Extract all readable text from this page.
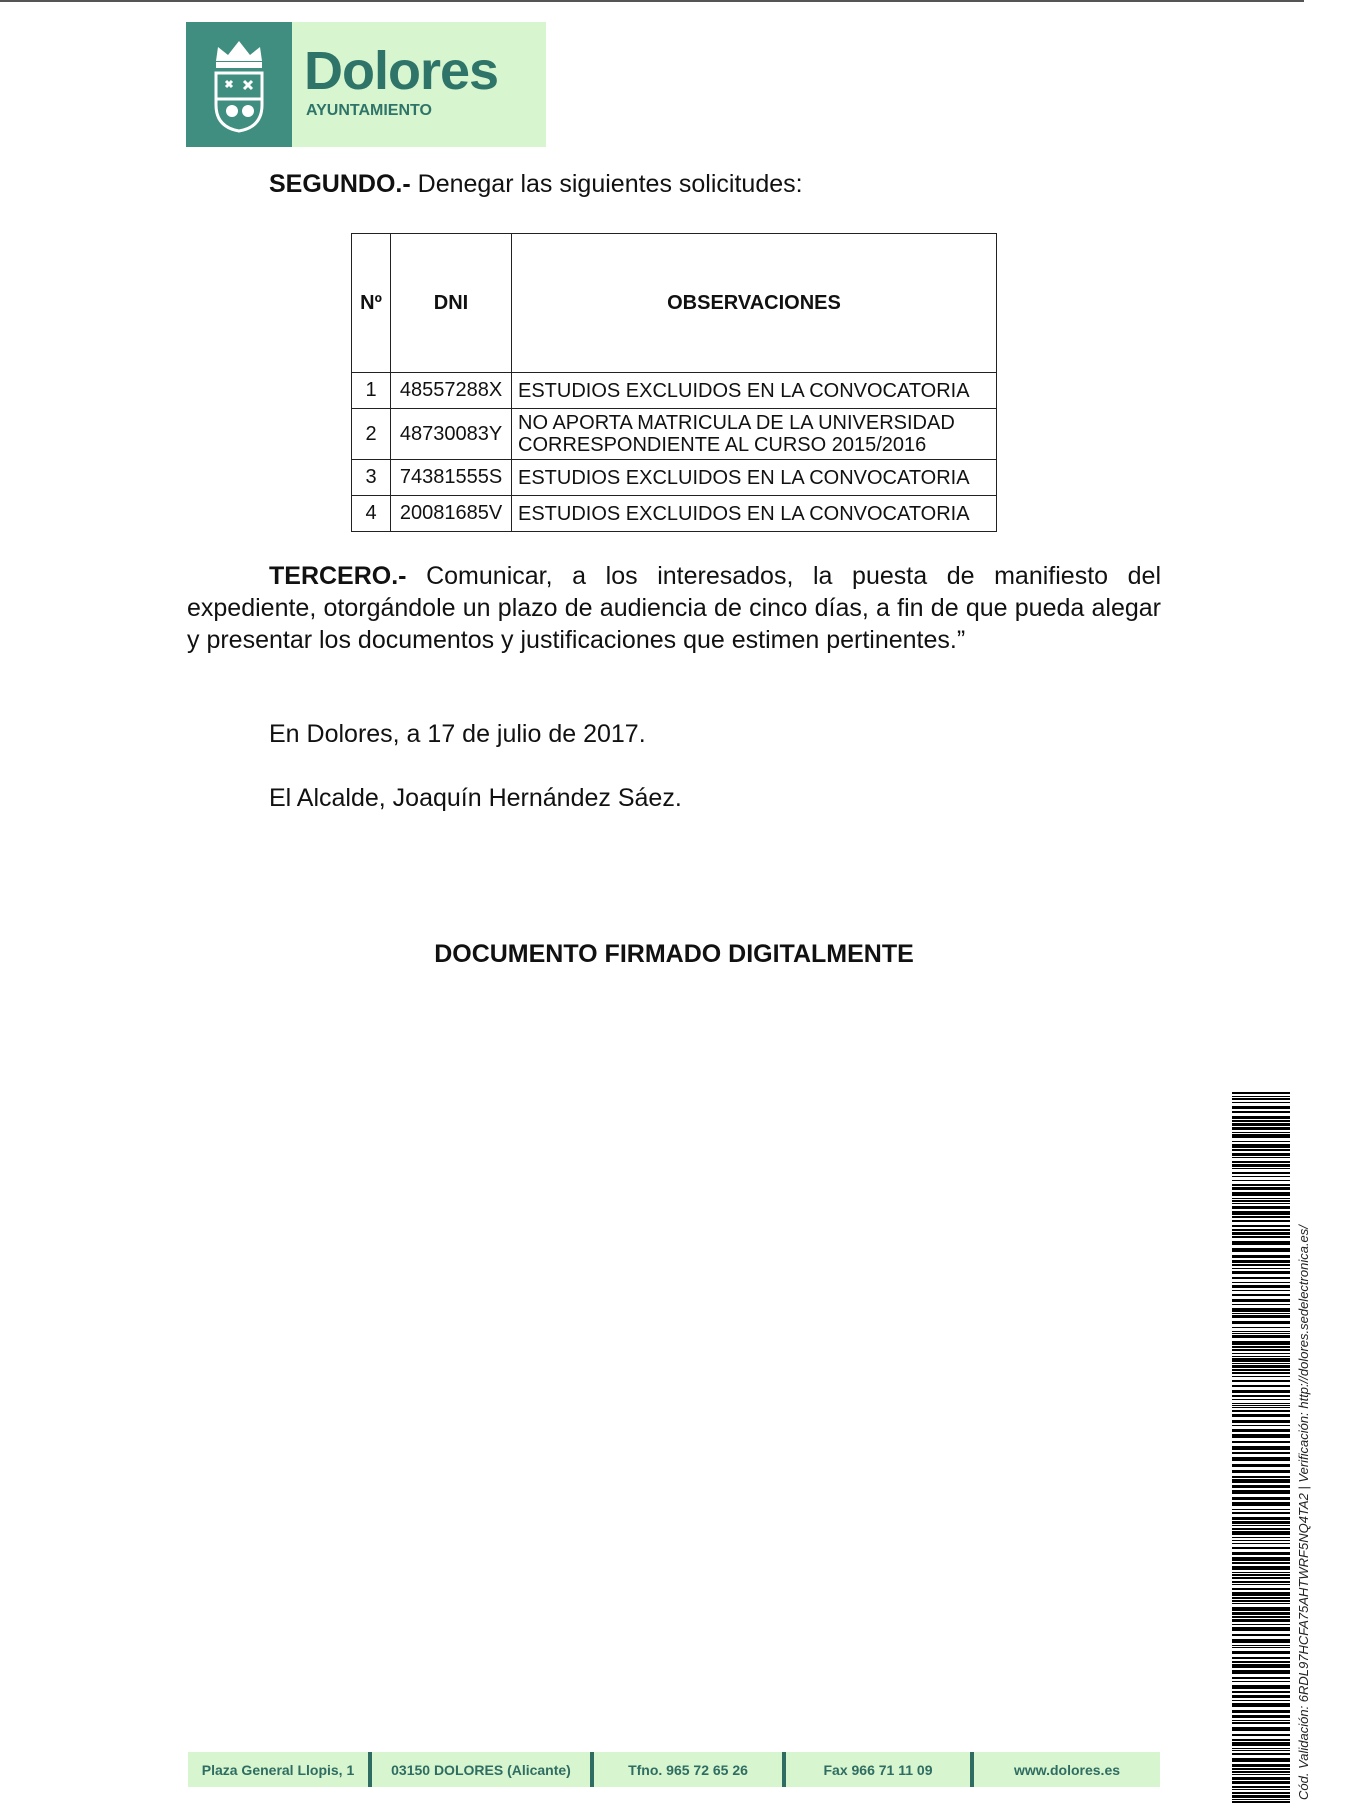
Dolores
AYUNTAMIENTO

SEGUNDO.- Denegar las siguientes solicitudes:

Nº	DNI	OBSERVACIONES
1	48557288X	ESTUDIOS EXCLUIDOS EN LA CONVOCATORIA
2	48730083Y	NO APORTA MATRICULA DE LA UNIVERSIDAD
CORRESPONDIENTE AL CURSO 2015/2016
3	74381555S	ESTUDIOS EXCLUIDOS EN LA CONVOCATORIA
4	20081685V	ESTUDIOS EXCLUIDOS EN LA CONVOCATORIA

TERCERO.- Comunicar, a los interesados, la puesta de manifiesto del expediente, otorgándole un plazo de audiencia de cinco días, a fin de que pueda alegar y presentar los documentos y justificaciones que estimen pertinentes.”

En Dolores, a 17 de julio de 2017.

El Alcalde, Joaquín Hernández Sáez.

DOCUMENTO FIRMADO DIGITALMENTE
Cód. Validación: 6RDL97HCFA75AHTWRF5NQ4TA2 | Verificación: http://dolores.sedelectronica.es/
Plaza General Llopis, 1	03150 DOLORES (Alicante)	Tfno. 965 72 65 26	Fax 966 71 11 09	www.dolores.es
